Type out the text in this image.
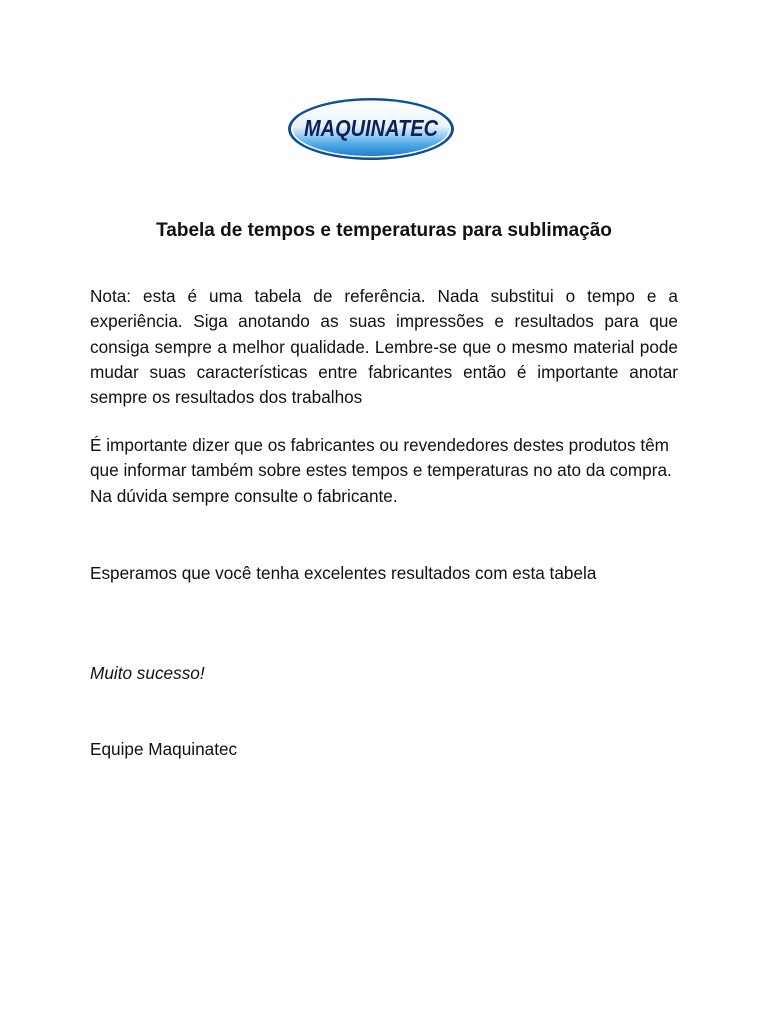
MAQUINATEC
Tabela de tempos e temperaturas para sublimação

Nota: esta é uma tabela de referência. Nada substitui o tempo e a experiência. Siga anotando as suas impressões e resultados para que consiga sempre a melhor qualidade. Lembre-se que o mesmo material pode mudar suas características entre fabricantes então é importante anotar sempre os resultados dos trabalhos

É importante dizer que os fabricantes ou revendedores destes produtos têm que informar também sobre estes tempos e temperaturas no ato da compra. Na dúvida sempre consulte o fabricante.

Esperamos que você tenha excelentes resultados com esta tabela

Muito sucesso!

Equipe Maquinatec
